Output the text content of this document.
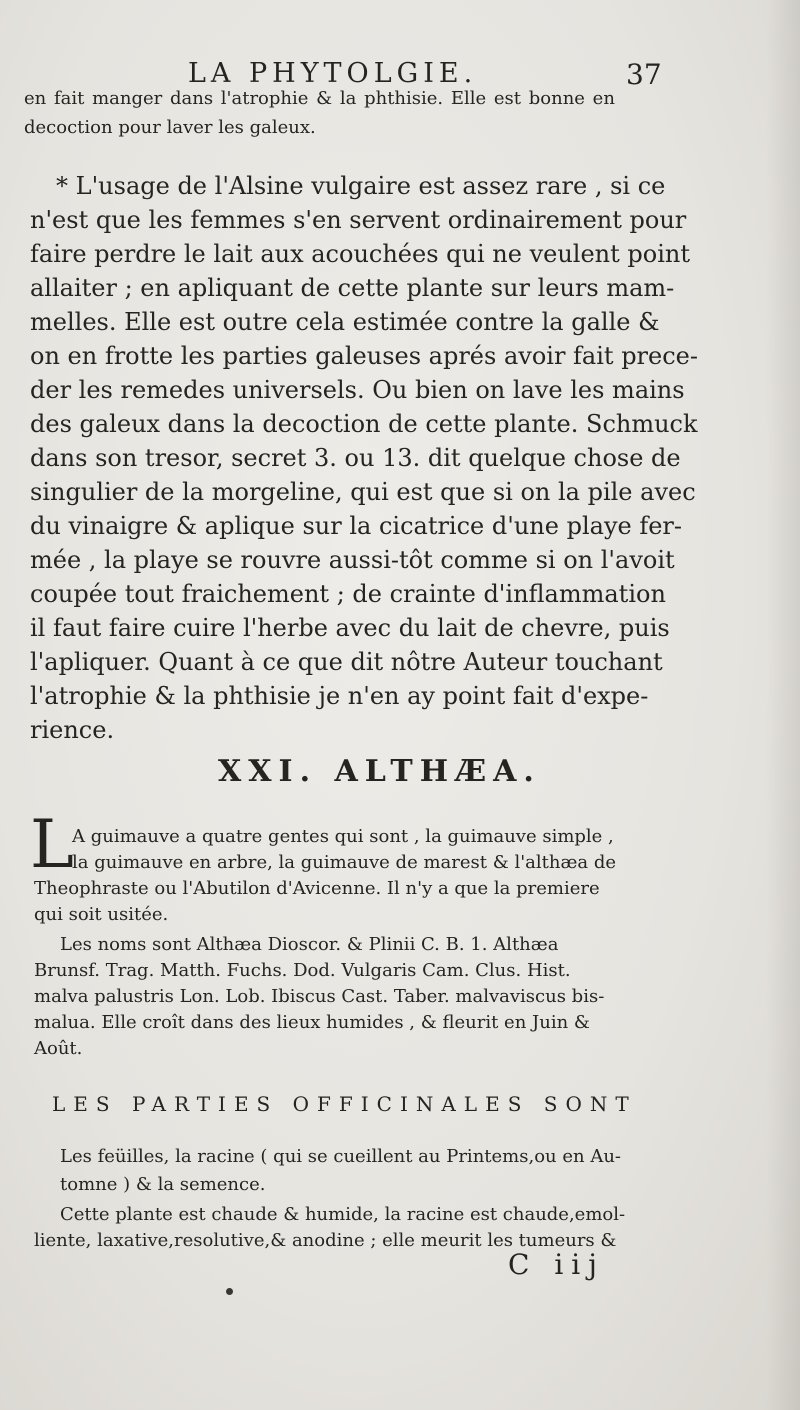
LA PHYTOLGIE.	37
en fait manger dans l'atrophie & la phthisie. Elle est bonne en
decoction pour laver les galeux.
* L'usage de l'Alsine vulgaire est assez rare , si ce
n'est que les femmes s'en servent ordinairement pour
faire perdre le lait aux acouchées qui ne veulent point
allaiter ; en apliquant de cette plante sur leurs mam-
melles. Elle est outre cela estimée contre la galle &
on en frotte les parties galeuses aprés avoir fait prece-
der les remedes universels. Ou bien on lave les mains
des galeux dans la decoction de cette plante. Schmuck
dans son tresor, secret 3. ou 13. dit quelque chose de
singulier de la morgeline, qui est que si on la pile avec
du vinaigre & aplique sur la cicatrice d'une playe fer-
mée , la playe se rouvre aussi-tôt comme si on l'avoit
coupée tout fraichement ; de crainte d'inflammation
il faut faire cuire l'herbe avec du lait de chevre, puis
l'apliquer. Quant à ce que dit nôtre Auteur touchant
l'atrophie & la phthisie je n'en ay point fait d'expe-
rience.
XXI. ALTHÆA.
L
A guimauve a quatre gentes qui sont , la guimauve simple ,
la guimauve en arbre, la guimauve de marest & l'althæa de
Theophraste ou l'Abutilon d'Avicenne. Il n'y a que la premiere
qui soit usitée.
Les noms sont Althæa Dioscor. & Plinii C. B. 1. Althæa
Brunsf. Trag. Matth. Fuchs. Dod. Vulgaris Cam. Clus. Hist.
malva palustris Lon. Lob. Ibiscus Cast. Taber. malvaviscus bis-
malua. Elle croît dans des lieux humides , & fleurit en Juin &
Août.
LES PARTIES OFFICINALES SONT
Les feüilles, la racine ( qui se cueillent au Printems,ou en Au-
tomne ) & la semence.
Cette plante est chaude & humide, la racine est chaude,emol-
liente, laxative,resolutive,& anodine ; elle meurit les tumeurs &
C iij
